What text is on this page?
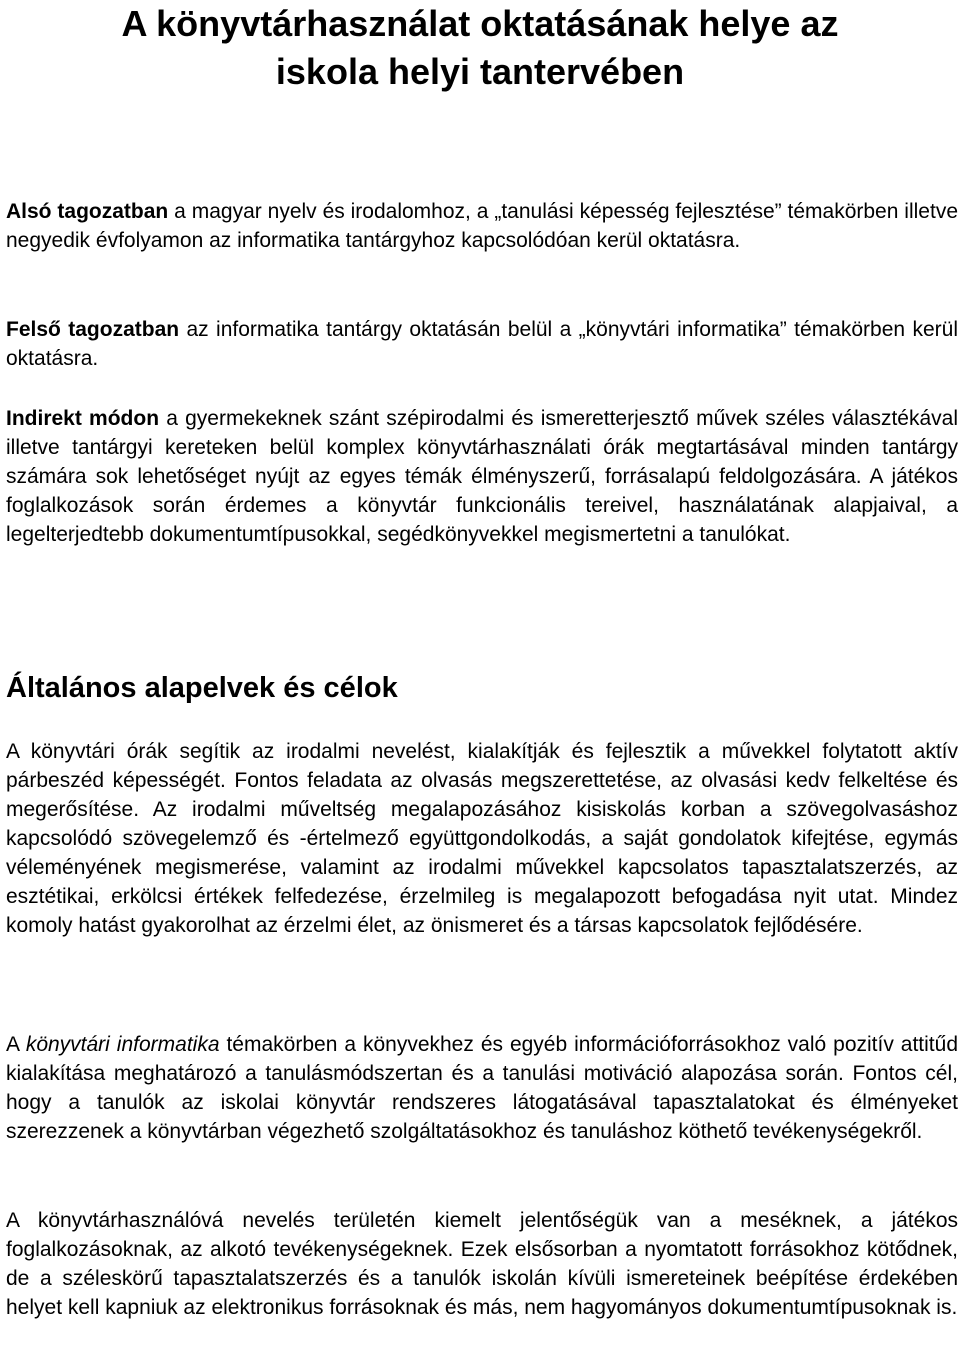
A könyvtárhasználat oktatásának helye az
iskola helyi tantervében

Alsó tagozatban a magyar nyelv és irodalomhoz, a „tanulási képesség fejlesztése” témakörben illetve negyedik évfolyamon az informatika tantárgyhoz kapcsolódóan kerül oktatásra.

Felső tagozatban az informatika tantárgy oktatásán belül a „könyvtári informatika” témakörben kerül oktatásra.

Indirekt módon a gyermekeknek szánt szépirodalmi és ismeretterjesztő művek széles választékával illetve tantárgyi kereteken belül komplex könyvtárhasználati órák megtartásával minden tantárgy számára sok lehetőséget nyújt az egyes témák élményszerű, forrásalapú feldolgozására. A játékos foglalkozások során érdemes a könyvtár funkcionális tereivel, használatának alapjaival, a legelterjedtebb dokumentumtípusokkal, segédkönyvekkel megismertetni a tanulókat.

Általános alapelvek és célok

A könyvtári órák segítik az irodalmi nevelést, kialakítják és fejlesztik a művekkel folytatott aktív párbeszéd képességét. Fontos feladata az olvasás megszerettetése, az olvasási kedv felkeltése és megerősítése. Az irodalmi műveltség megalapozásához kisiskolás korban a szövegolvasáshoz kapcsolódó szövegelemző és -értelmező együttgondolkodás, a saját gondolatok kifejtése, egymás véleményének megismerése, valamint az irodalmi művekkel kapcsolatos tapasztalatszerzés, az esztétikai, erkölcsi értékek felfedezése, érzelmileg is megalapozott befogadása nyit utat. Mindez komoly hatást gyakorolhat az érzelmi élet, az önismeret és a társas kapcsolatok fejlődésére.

A könyvtári informatika témakörben a könyvekhez és egyéb információforrásokhoz való pozitív attitűd kialakítása meghatározó a tanulásmódszertan és a tanulási motiváció alapozása során. Fontos cél, hogy a tanulók az iskolai könyvtár rendszeres látogatásával tapasztalatokat és élményeket szerezzenek a könyvtárban végezhető szolgáltatásokhoz és tanuláshoz köthető tevékenységekről.

A könyvtárhasználóvá nevelés területén kiemelt jelentőségük van a meséknek, a játékos foglalkozásoknak, az alkotó tevékenységeknek. Ezek elsősorban a nyomtatott forrásokhoz kötődnek, de a széleskörű tapasztalatszerzés és a tanulók iskolán kívüli ismereteinek beépítése érdekében helyet kell kapniuk az elektronikus forrásoknak és más, nem hagyományos dokumentumtípusoknak is.
